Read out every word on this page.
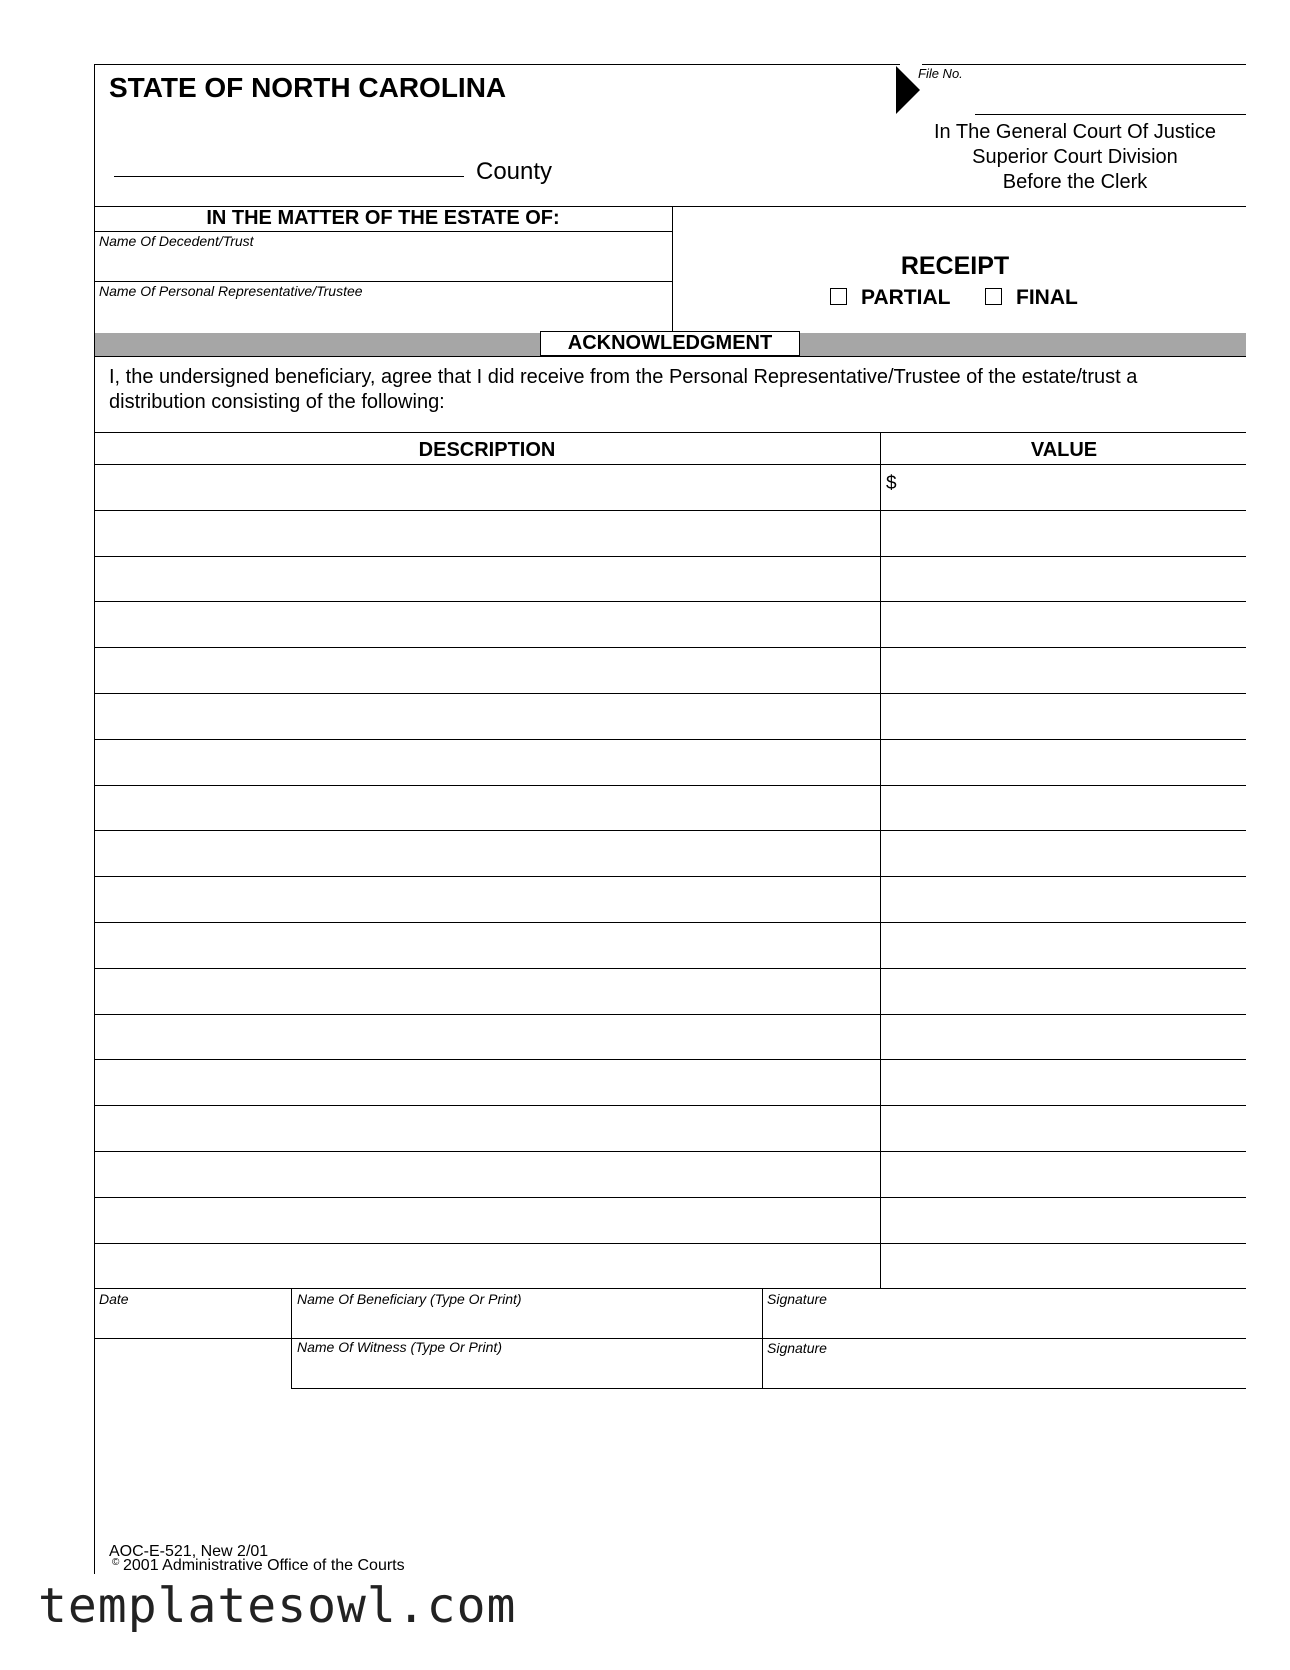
STATE OF NORTH CAROLINA	File No.
County
In The General Court Of Justice
Superior Court Division
Before the Clerk
IN THE MATTER OF THE ESTATE OF:
Name Of Decedent/Trust
Name Of Personal Representative/Trustee
RECEIPT
PARTIAL	FINAL
ACKNOWLEDGMENT
I, the undersigned beneficiary, agree that I did receive from the Personal Representative/Trustee of the estate/trust a
distribution consisting of the following:
DESCRIPTION	VALUE
$
Date	Name Of Beneficiary (Type Or Print)	Signature
Name Of Witness (Type Or Print)	Signature
AOC-E-521, New 2/01
© 2001 Administrative Office of the Courts
templatesowl.com
